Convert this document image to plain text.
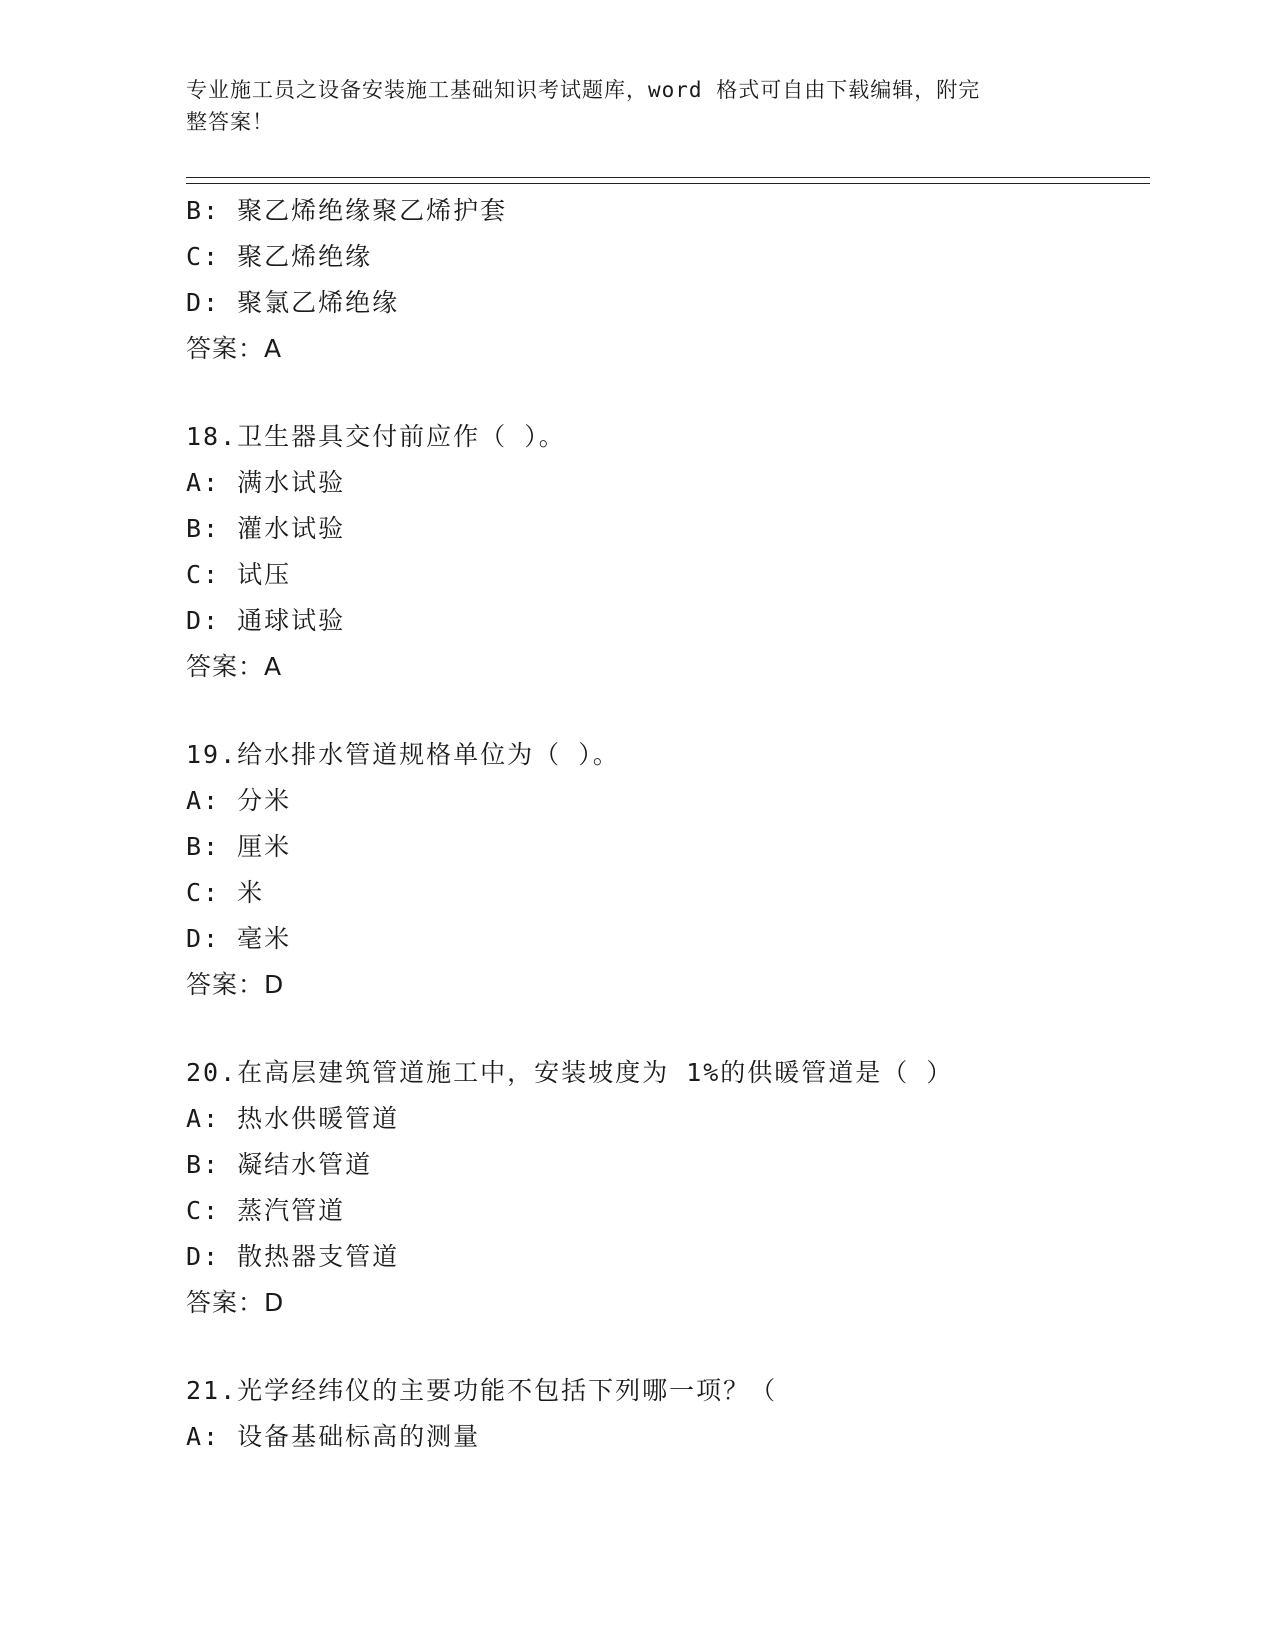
专业施工员之设备安装施工基础知识考试题库，word 格式可自由下载编辑，附完
整答案！
B: 聚乙烯绝缘聚乙烯护套
C: 聚乙烯绝缘
D: 聚氯乙烯绝缘
答案：A
18.卫生器具交付前应作（ ）。
A: 满水试验
B: 灌水试验
C: 试压
D: 通球试验
答案：A
19.给水排水管道规格单位为（ ）。
A: 分米
B: 厘米
C: 米
D: 毫米
答案：D
20.在高层建筑管道施工中，安装坡度为 1%的供暖管道是（ ）
A: 热水供暖管道
B: 凝结水管道
C: 蒸汽管道
D: 散热器支管道
答案：D
21.光学经纬仪的主要功能不包括下列哪一项？（
A: 设备基础标高的测量
